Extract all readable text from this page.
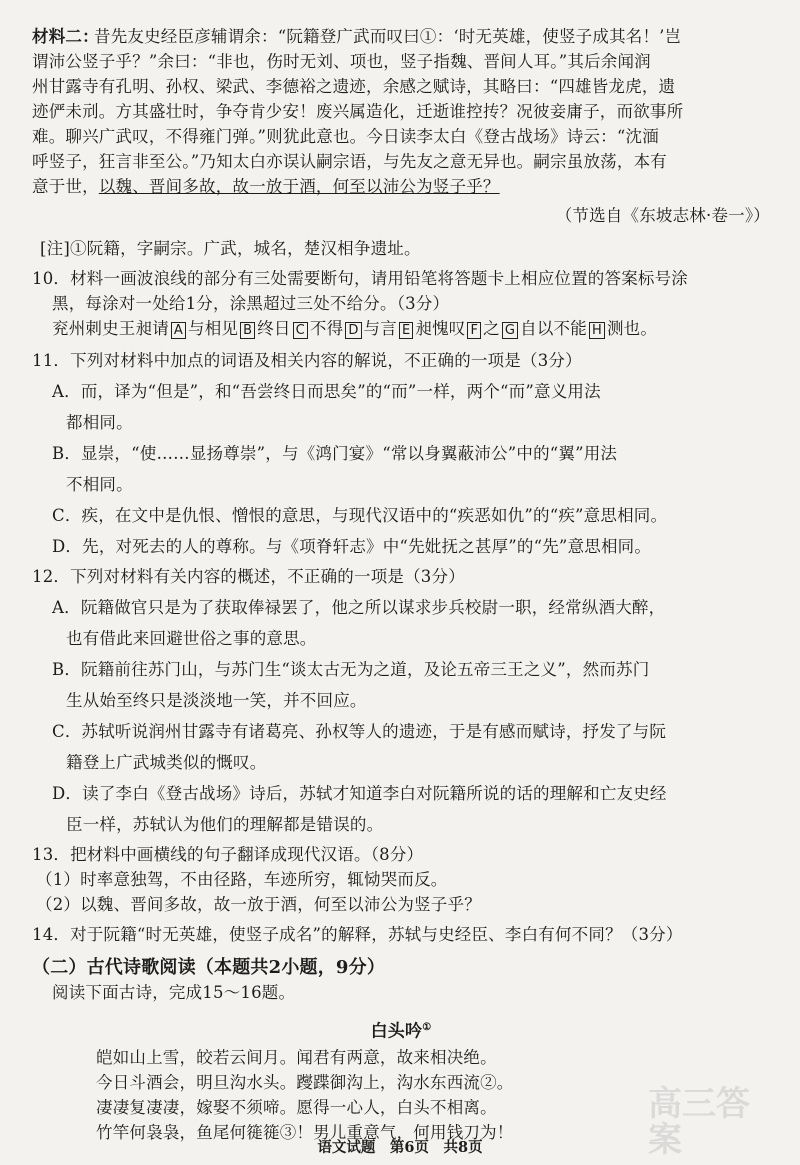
材料二：
昔先友史经臣彦辅谓余：“阮籍登广武而叹曰①：‘时无英雄，使竖子成其名！’岂
谓沛公竖子乎？”余曰：“非也，伤时无刘、项也，竖子指魏、晋间人耳。”其后余闻润
州甘露寺有孔明、孙权、梁武、李德裕之遗迹，余感之赋诗，其略曰：“四雄皆龙虎，遗
迹俨未刓。方其盛壮时，争夺肯少安！废兴属造化，迁逝谁控抟？况彼妾庸子，而欲事所
难。聊兴广武叹，不得雍门弹。”则犹此意也。今日读李太白《登古战场》诗云：“沈湎
呼竖子，狂言非至公。”乃知太白亦误认嗣宗语，与先友之意无异也。嗣宗虽放荡，本有
意于世，以魏、晋间多故，故一放于酒，何至以沛公为竖子乎？
（节选自《东坡志林·卷一》）
[注]①阮籍，字嗣宗。广武，城名，楚汉相争遗址。
10．材料一画波浪线的部分有三处需要断句，请用铅笔将答题卡上相应位置的答案标号涂
黑，每涂对一处给1分，涂黑超过三处不给分。（3分）
兖州刺史王昶请 A 与相见 B 终日 C 不得 D 与言 E 昶愧叹 F 之 G 自以不能 H 测也。
11．下列对材料中加点的词语及相关内容的解说，不正确的一项是（3分）
A．而，译为“但是”，和“吾尝终日而思矣”的“而”一样，两个“而”意义用法
都相同。
B．显崇，“使……显扬尊崇”，与《鸿门宴》“常以身翼蔽沛公”中的“翼”用法
不相同。
C．疾，在文中是仇恨、憎恨的意思，与现代汉语中的“疾恶如仇”的“疾”意思相同。
D．先，对死去的人的尊称。与《项脊轩志》中“先妣抚之甚厚”的“先”意思相同。
12．下列对材料有关内容的概述，不正确的一项是（3分）
A．阮籍做官只是为了获取俸禄罢了，他之所以谋求步兵校尉一职，经常纵酒大醉，
也有借此来回避世俗之事的意思。
B．阮籍前往苏门山，与苏门生“谈太古无为之道，及论五帝三王之义”，然而苏门
生从始至终只是淡淡地一笑，并不回应。
C．苏轼听说润州甘露寺有诸葛亮、孙权等人的遗迹，于是有感而赋诗，抒发了与阮
籍登上广武城类似的慨叹。
D．读了李白《登古战场》诗后，苏轼才知道李白对阮籍所说的话的理解和亡友史经
臣一样，苏轼认为他们的理解都是错误的。
13．把材料中画横线的句子翻译成现代汉语。（8分）
（1）时率意独驾，不由径路，车迹所穷，辄恸哭而反。
（2）以魏、晋间多故，故一放于酒，何至以沛公为竖子乎？
14．对于阮籍“时无英雄，使竖子成名”的解释，苏轼与史经臣、李白有何不同？（3分）
（二）古代诗歌阅读（本题共2小题，9分）
阅读下面古诗，完成15～16题。
白头吟①
皑如山上雪，皎若云间月。闻君有两意，故来相决绝。
今日斗酒会，明旦沟水头。躞蹀御沟上，沟水东西流②。
凄凄复凄凄，嫁娶不须啼。愿得一心人，白头不相离。
竹竿何袅袅，鱼尾何簁簁③！男儿重意气，何用钱刀为！
高三答案
语文试题　第6页　共8页
